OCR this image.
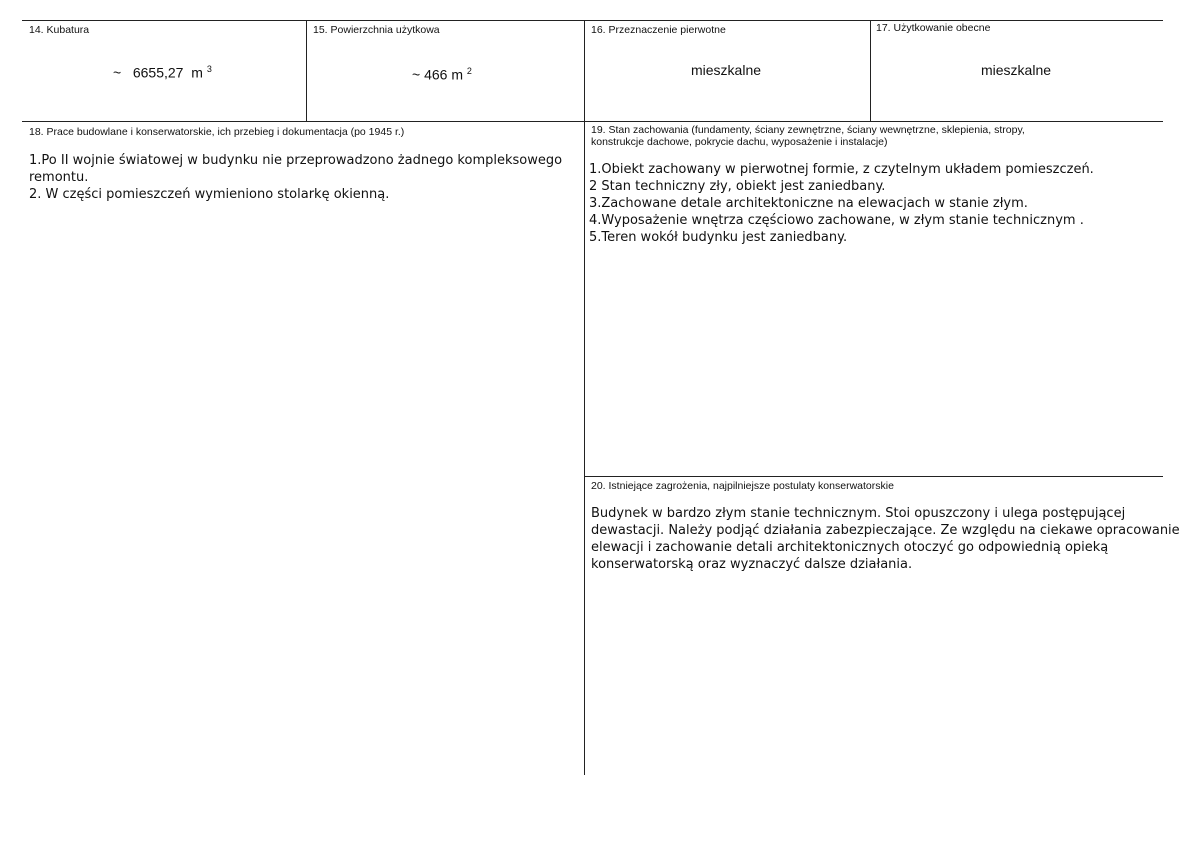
14. Kubatura
~ 6655,27 m $^3$
15. Powierzchnia użytkowa
~ 466 m $^2$
16. Przeznaczenie pierwotne
mieszkalne
17. Użytkowanie obecne
mieszkalne
18. Prace budowlane i konserwatorskie, ich przebieg i dokumentacja (po 1945 r.)
1.Po II wojnie światowej w budynku nie przeprowadzono żadnego kompleksowego
remontu.
2. W części pomieszczeń wymieniono stolarkę okienną.
19. Stan zachowania (fundamenty, ściany zewnętrzne, ściany wewnętrzne, sklepienia, stropy,
konstrukcje dachowe, pokrycie dachu, wyposażenie i instalacje)
1.Obiekt zachowany w pierwotnej formie, z czytelnym układem pomieszczeń.
2 Stan techniczny zły, obiekt jest zaniedbany.
3.Zachowane detale architektoniczne na elewacjach w stanie złym.
4.Wyposażenie wnętrza częściowo zachowane, w złym stanie technicznym .
5.Teren wokół budynku jest zaniedbany.
20. Istniejące zagrożenia, najpilniejsze postulaty konserwatorskie
Budynek w bardzo złym stanie technicznym. Stoi opuszczony i ulega postępującej
dewastacji. Należy podjąć działania zabezpieczające. Ze względu na ciekawe opracowanie
elewacji i zachowanie detali architektonicznych otoczyć go odpowiednią opieką
konserwatorską oraz wyznaczyć dalsze działania.
